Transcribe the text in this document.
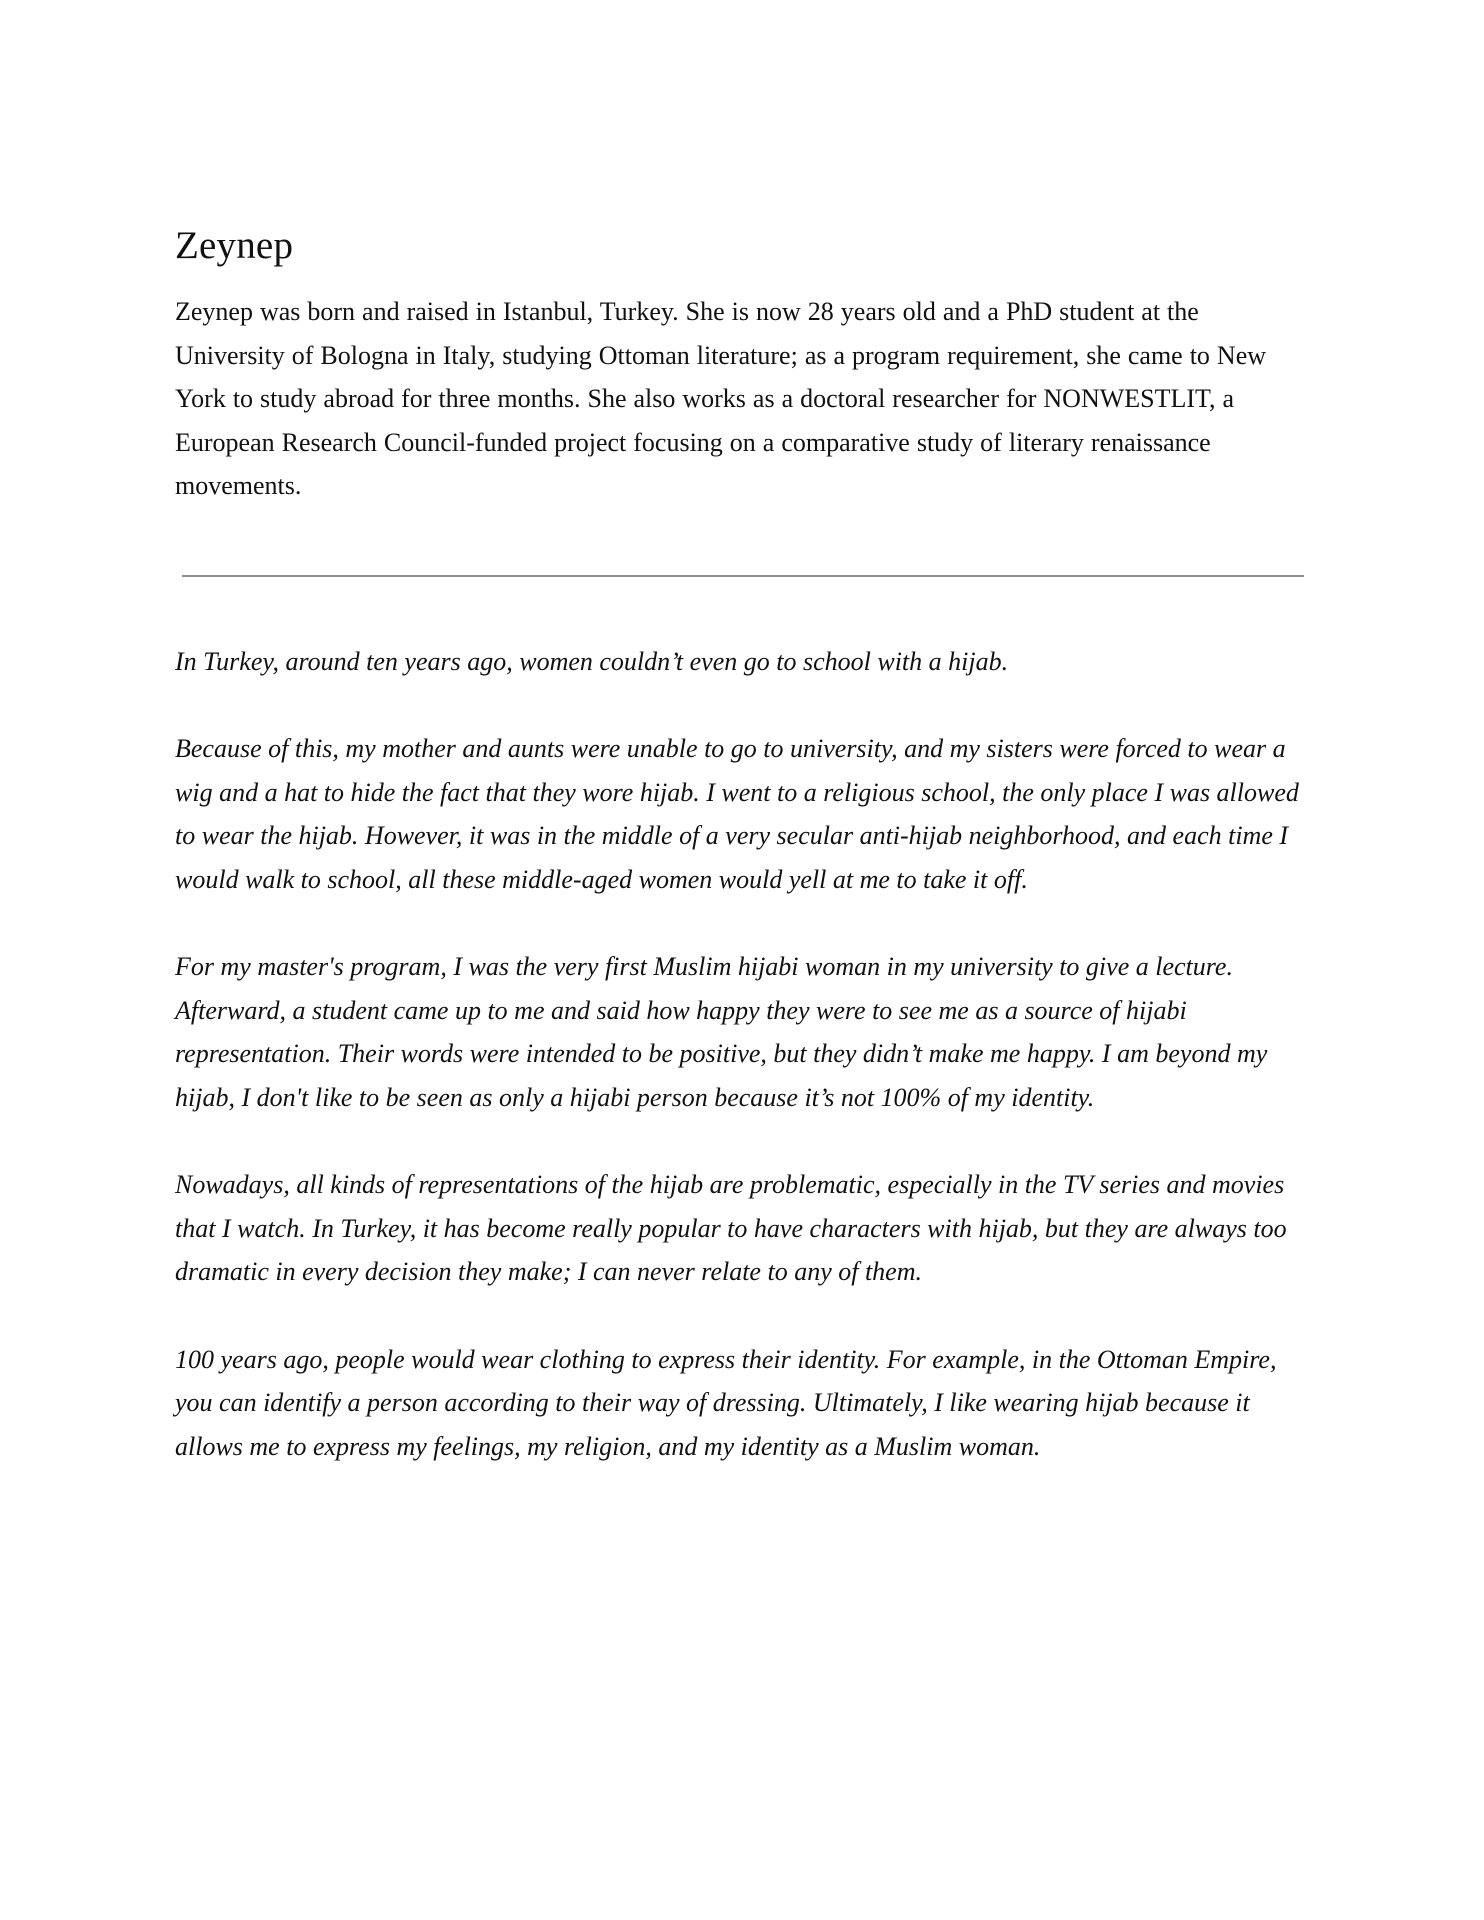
Zeynep

Zeynep was born and raised in Istanbul, Turkey. She is now 28 years old and a PhD student at the University of Bologna in Italy, studying Ottoman literature; as a program requirement, she came to New York to study abroad for three months. She also works as a doctoral researcher for NONWESTLIT, a European Research Council-funded project focusing on a comparative study of literary renaissance movements.

In Turkey, around ten years ago, women couldn’t even go to school with a hijab.

Because of this, my mother and aunts were unable to go to university, and my sisters were forced to wear a wig and a hat to hide the fact that they wore hijab. I went to a religious school, the only place I was allowed to wear the hijab. However, it was in the middle of a very secular anti-hijab neighborhood, and each time I would walk to school, all these middle-aged women would yell at me to take it off.

For my master's program, I was the very first Muslim hijabi woman in my university to give a lecture. Afterward, a student came up to me and said how happy they were to see me as a source of hijabi representation. Their words were intended to be positive, but they didn’t make me happy. I am beyond my hijab, I don't like to be seen as only a hijabi person because it’s not 100% of my identity.

Nowadays, all kinds of representations of the hijab are problematic, especially in the TV series and movies that I watch. In Turkey, it has become really popular to have characters with hijab, but they are always too dramatic in every decision they make; I can never relate to any of them.

100 years ago, people would wear clothing to express their identity. For example, in the Ottoman Empire, you can identify a person according to their way of dressing. Ultimately, I like wearing hijab because it allows me to express my feelings, my religion, and my identity as a Muslim woman.
